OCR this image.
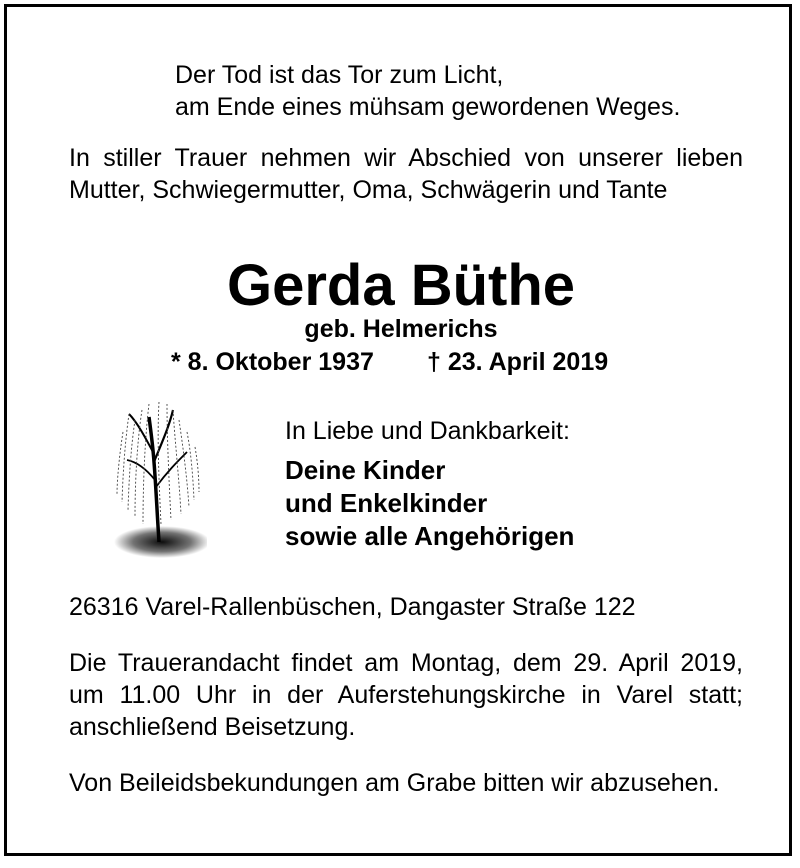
Der Tod ist das Tor zum Licht,
am Ende eines mühsam gewordenen Weges.
In stiller Trauer nehmen wir Abschied von unserer lieben Mutter, Schwiegermutter, Oma, Schwägerin und Tante
Gerda Büthe
geb. Helmerichs
* 8. Oktober 1937 † 23. April 2019
In Liebe und Dankbarkeit:
Deine Kinder
und Enkelkinder
sowie alle Angehörigen
26316 Varel-Rallenbüschen, Dangaster Straße 122
Die Trauerandacht findet am Montag, dem 29. April 2019, um 11.00 Uhr in der Auferstehungskirche in Varel statt; anschließend Beisetzung.
Von Beileidsbekundungen am Grabe bitten wir abzusehen.
